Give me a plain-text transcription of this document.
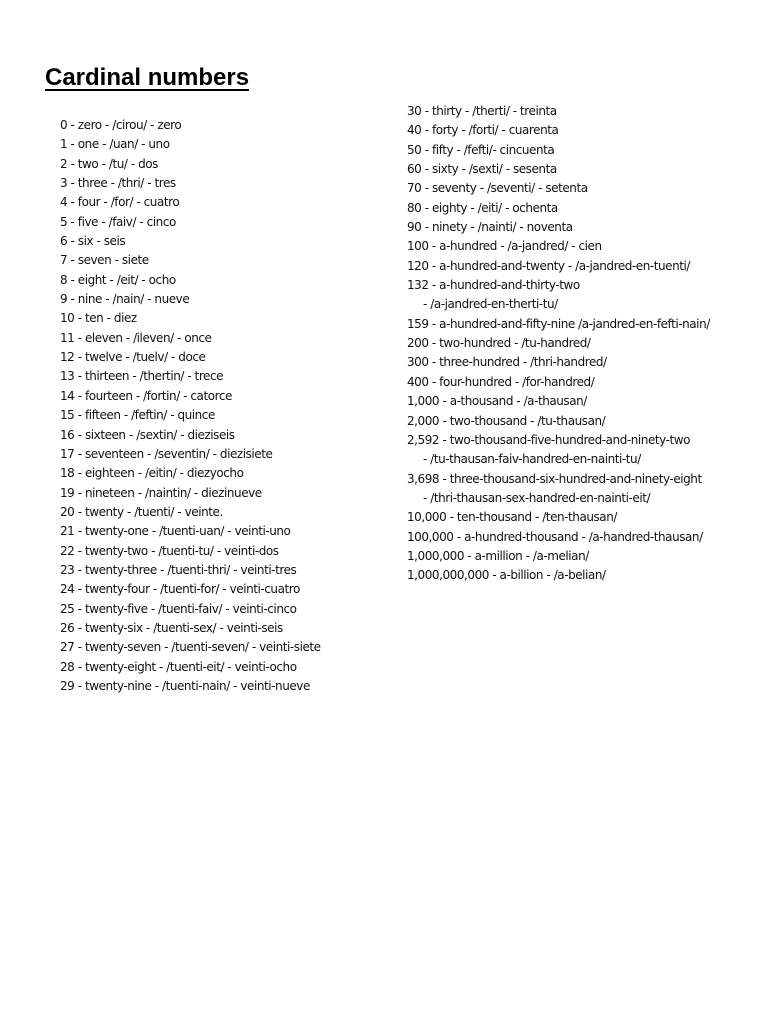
Cardinal numbers
0 - zero - /cirou/ - zero
1 - one - /uan/ - uno
2 - two - /tu/ - dos
3 - three - /thri/ - tres
4 - four - /for/ - cuatro
5 - five - /faiv/ - cinco
6 - six - seis
7 - seven - siete
8 - eight - /eit/ - ocho
9 - nine - /nain/ - nueve
10 - ten - diez
11 - eleven - /ileven/ - once
12 - twelve - /tuelv/ - doce
13 - thirteen - /thertin/ - trece
14 - fourteen - /fortin/ - catorce
15 - fifteen - /feftin/ - quince
16 - sixteen - /sextin/ - dieziseis
17 - seventeen - /seventin/ - diezisiete
18 - eighteen - /eitin/ - diezyocho
19 - nineteen - /naintin/ - diezinueve
20 - twenty - /tuenti/ - veinte.
21 - twenty-one - /tuenti-uan/ - veinti-uno
22 - twenty-two - /tuenti-tu/ - veinti-dos
23 - twenty-three - /tuenti-thri/ - veinti-tres
24 - twenty-four - /tuenti-for/ - veinti-cuatro
25 - twenty-five - /tuenti-faiv/ - veinti-cinco
26 - twenty-six - /tuenti-sex/ - veinti-seis
27 - twenty-seven - /tuenti-seven/ - veinti-siete
28 - twenty-eight - /tuenti-eit/ - veinti-ocho
29 - twenty-nine - /tuenti-nain/ - veinti-nueve
30 - thirty - /therti/ - treinta
40 - forty - /forti/ - cuarenta
50 - fifty - /fefti/- cincuenta
60 - sixty - /sexti/ - sesenta
70 - seventy - /seventi/ - setenta
80 - eighty - /eiti/ - ochenta
90 - ninety - /nainti/ - noventa
100 - a-hundred - /a-jandred/ - cien
120 - a-hundred-and-twenty - /a-jandred-en-tuenti/
132 - a-hundred-and-thirty-two
- /a-jandred-en-therti-tu/
159 - a-hundred-and-fifty-nine /a-jandred-en-fefti-nain/
200 - two-hundred - /tu-handred/
300 - three-hundred - /thri-handred/
400 - four-hundred - /for-handred/
1,000 - a-thousand - /a-thausan/
2,000 - two-thousand - /tu-thausan/
2,592 - two-thousand-five-hundred-and-ninety-two
- /tu-thausan-faiv-handred-en-nainti-tu/
3,698 - three-thousand-six-hundred-and-ninety-eight
- /thri-thausan-sex-handred-en-nainti-eit/
10,000 - ten-thousand - /ten-thausan/
100,000 - a-hundred-thousand - /a-handred-thausan/
1,000,000 - a-million - /a-melian/
1,000,000,000 - a-billion - /a-belian/
